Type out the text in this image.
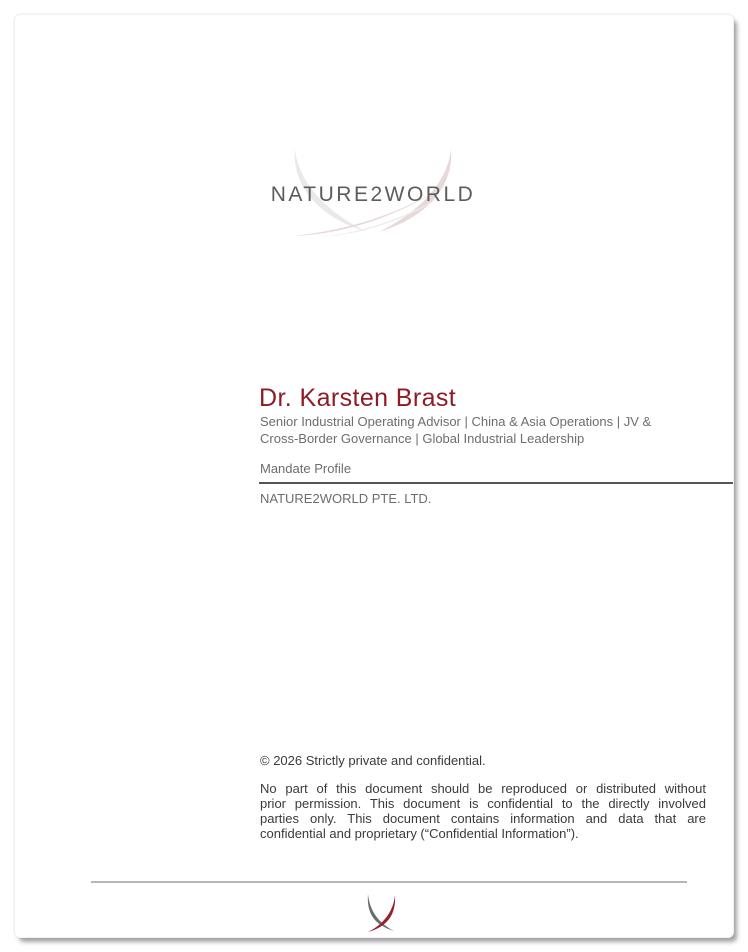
NATURE2WORLD
Dr. Karsten Brast
Senior Industrial Operating Advisor | China & Asia Operations | JV &
Cross-Border Governance | Global Industrial Leadership
Mandate Profile
NATURE2WORLD PTE. LTD.
© 2026 Strictly private and confidential.
No part of this document should be reproduced or distributed without
prior permission. This document is confidential to the directly involved
parties only. This document contains information and data that are
confidential and proprietary (“Confidential Information”).
